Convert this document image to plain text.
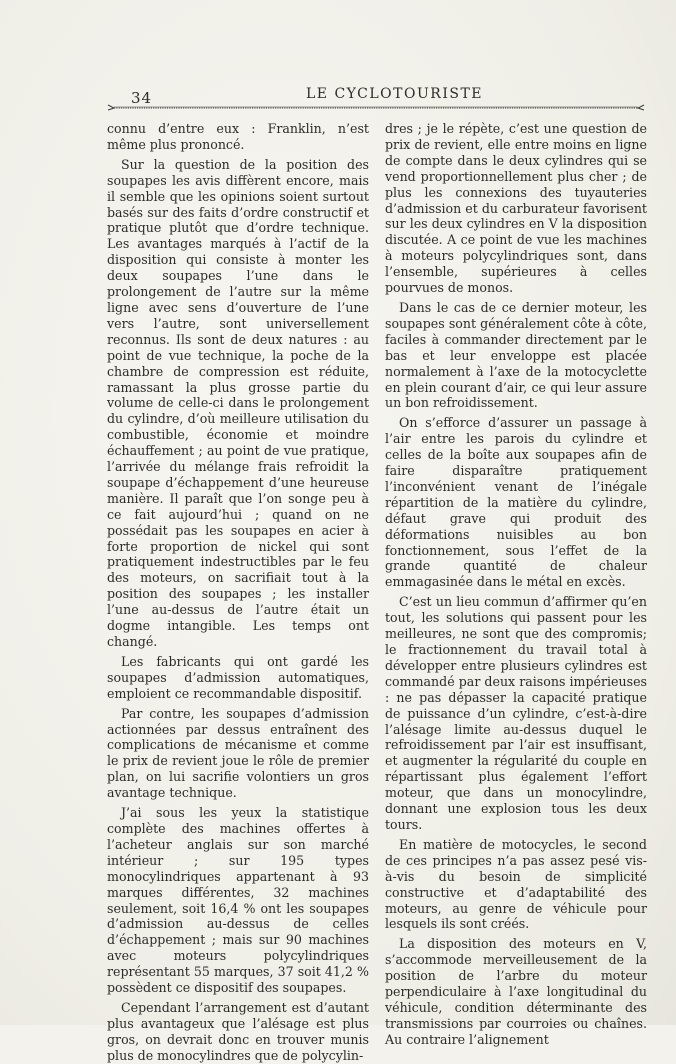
34	LE CYCLOTOURISTE

connu d’entre eux : Franklin, n’est même plus prononcé.

Sur la question de la position des soupapes les avis diffèrent encore, mais il semble que les opinions soient surtout basés sur des faits d’ordre constructif et pratique plutôt que d’ordre technique. Les avantages marqués à l’actif de la disposition qui consiste à monter les deux soupapes l’une dans le prolongement de l’autre sur la même ligne avec sens d’ouverture de l’une vers l’autre, sont universellement reconnus. Ils sont de deux natures : au point de vue technique, la poche de la chambre de compression est réduite, ramassant la plus grosse partie du volume de celle-ci dans le prolongement du cylindre, d’où meilleure utilisation du combustible, économie et moindre échauffement ; au point de vue pratique, l’arrivée du mélange frais refroidit la soupape d’échappement d’une heureuse manière. Il paraît que l’on songe peu à ce fait aujourd’hui ; quand on ne possédait pas les soupapes en acier à forte proportion de nickel qui sont pratiquement indestructibles par le feu des moteurs, on sacrifiait tout à la position des soupapes ; les installer l’une au-dessus de l’autre était un dogme intangible. Les temps ont changé.

Les fabricants qui ont gardé les soupapes d’admission automatiques, emploient ce recommandable dispositif.

Par contre, les soupapes d’admission actionnées par dessus entraînent des complications de mécanisme et comme le prix de revient joue le rôle de premier plan, on lui sacrifie volontiers un gros avantage technique.

J’ai sous les yeux la statistique complète des machines offertes à l’acheteur anglais sur son marché intérieur ; sur 195 types monocylindriques appartenant à 93 marques différentes, 32 machines seulement, soit 16,4 % ont les soupapes d’admission au-dessus de celles d’échappement ; mais sur 90 machines avec moteurs polycylindriques représentant 55 marques, 37 soit 41,2 % possèdent ce dispositif des soupapes.

Cependant l’arrangement est d’autant plus avantageux que l’alésage est plus gros, on devrait donc en trouver munis plus de monocylindres que de polycylin-

dres ; je le répète, c’est une question de prix de revient, elle entre moins en ligne de compte dans le deux cylindres qui se vend proportionnellement plus cher ; de plus les connexions des tuyauteries d’admission et du carburateur favorisent sur les deux cylindres en V la disposition discutée. A ce point de vue les machines à moteurs polycylindriques sont, dans l’ensemble, supérieures à celles pourvues de monos.

Dans le cas de ce dernier moteur, les soupapes sont généralement côte à côte, faciles à commander directement par le bas et leur enveloppe est placée normalement à l’axe de la motocyclette en plein courant d’air, ce qui leur assure un bon refroidissement.

On s’efforce d’assurer un passage à l’air entre les parois du cylindre et celles de la boîte aux soupapes afin de faire disparaître pratiquement l’inconvénient venant de l’inégale répartition de la matière du cylindre, défaut grave qui produit des déformations nuisibles au bon fonctionnement, sous l’effet de la grande quantité de chaleur emmagasinée dans le métal en excès.

C’est un lieu commun d’affirmer qu’en tout, les solutions qui passent pour les meilleures, ne sont que des compromis; le fractionnement du travail total à développer entre plusieurs cylindres est commandé par deux raisons impérieuses : ne pas dépasser la capacité pratique de puissance d’un cylindre, c’est-à-dire l’alésage limite au-dessus duquel le refroidissement par l’air est insuffisant, et augmenter la régularité du couple en répartissant plus également l’effort moteur, que dans un monocylindre, donnant une explosion tous les deux tours.

En matière de motocycles, le second de ces principes n’a pas assez pesé vis-à-vis du besoin de simplicité constructive et d’adaptabilité des moteurs, au genre de véhicule pour lesquels ils sont créés.

La disposition des moteurs en V, s’accommode merveilleusement de la position de l’arbre du moteur perpendiculaire à l’axe longitudinal du véhicule, condition déterminante des transmissions par courroies ou chaînes. Au contraire l’alignement
